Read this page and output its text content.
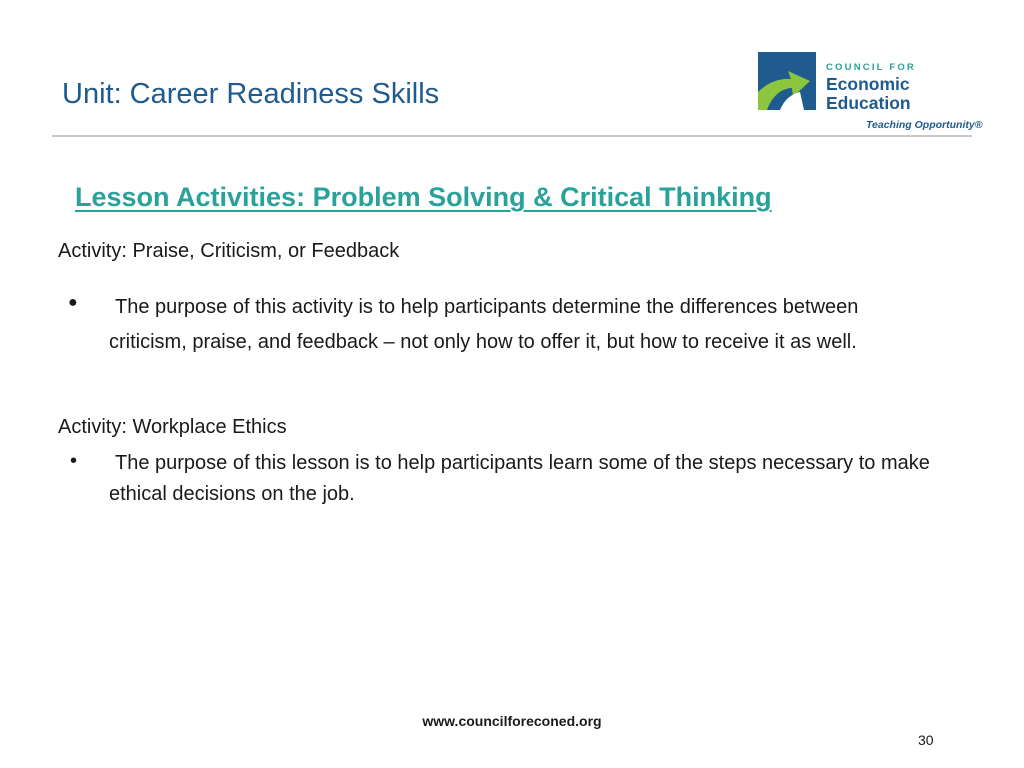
Unit: Career Readiness Skills
COUNCIL FOR
Economic
Education
Teaching Opportunity®
Lesson Activities: Problem Solving & Critical Thinking
Activity: Praise, Criticism, or Feedback
●	The purpose of this activity is to help participants determine the differences between criticism, praise, and feedback – not only how to offer it, but how to receive it as well.
Activity: Workplace Ethics
•	The purpose of this lesson is to help participants learn some of the steps necessary to make ethical decisions on the job.
www.councilforeconed.org
30
